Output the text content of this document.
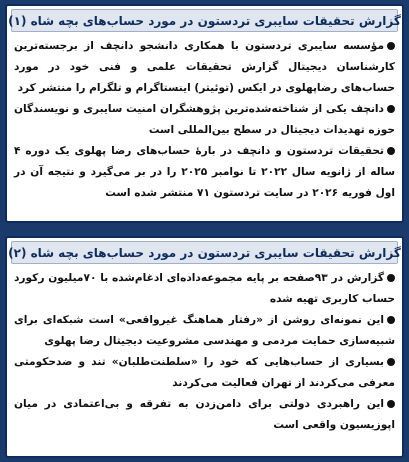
گزارش تحقیقات سایبری تردستون در مورد حساب‌های بچه شاه (۱)

مؤسسه سایبری تردستون با همکاری دانشجو دانچف از برجسته‌ترین کارشناسان دیجیتال گزارش تحقیقات علمی و فنی خود در مورد حساب‌های رضاپهلوی در ایکس (توئیتر) اینستاگرام و تلگرام را منتشر کرد

دانچف یکی از شناخته‌شده‌ترین پژوهشگران امنیت سایبری و نویسندگان حوزه تهدیدات دیجیتال در سطح بین‌المللی است

تحقیقات تردستون و دانچف در بارهٔ حساب‌های رضا پهلوی یک دوره ۴ ساله از ژانویه سال ۲۰۲۲ تا نوامبر ۲۰۲۵ را در بر می‌گیرد و نتیجه آن در اول فوریه ۲۰۲۶ در سایت تردستون ۷۱ منتشر شده است

گزارش تحقیقات سایبری تردستون در مورد حساب‌های بچه شاه (۲)

گزارش در ۹۳صفحه بر پایه مجموعه‌داده‌ای ادغام‌شده با ۷۰میلیون رکورد حساب کاربری تهیه شده

این نمونه‌ای روشن از «رفتار هماهنگ غیرواقعی» است شبکه‌ای برای شبیه‌سازی حمایت مردمی و مهندسی مشروعیت دیجیتال رضا پهلوی

بسیاری از حساب‌هایی که خود را «سلطنت‌طلبان» تند و ضدحکومتی معرفی می‌کردند از تهران فعالیت می‌کردند

این راهبردی دولتی برای دامن‌زدن به تفرقه و بی‌اعتمادی در میان اپوزیسیون واقعی است
